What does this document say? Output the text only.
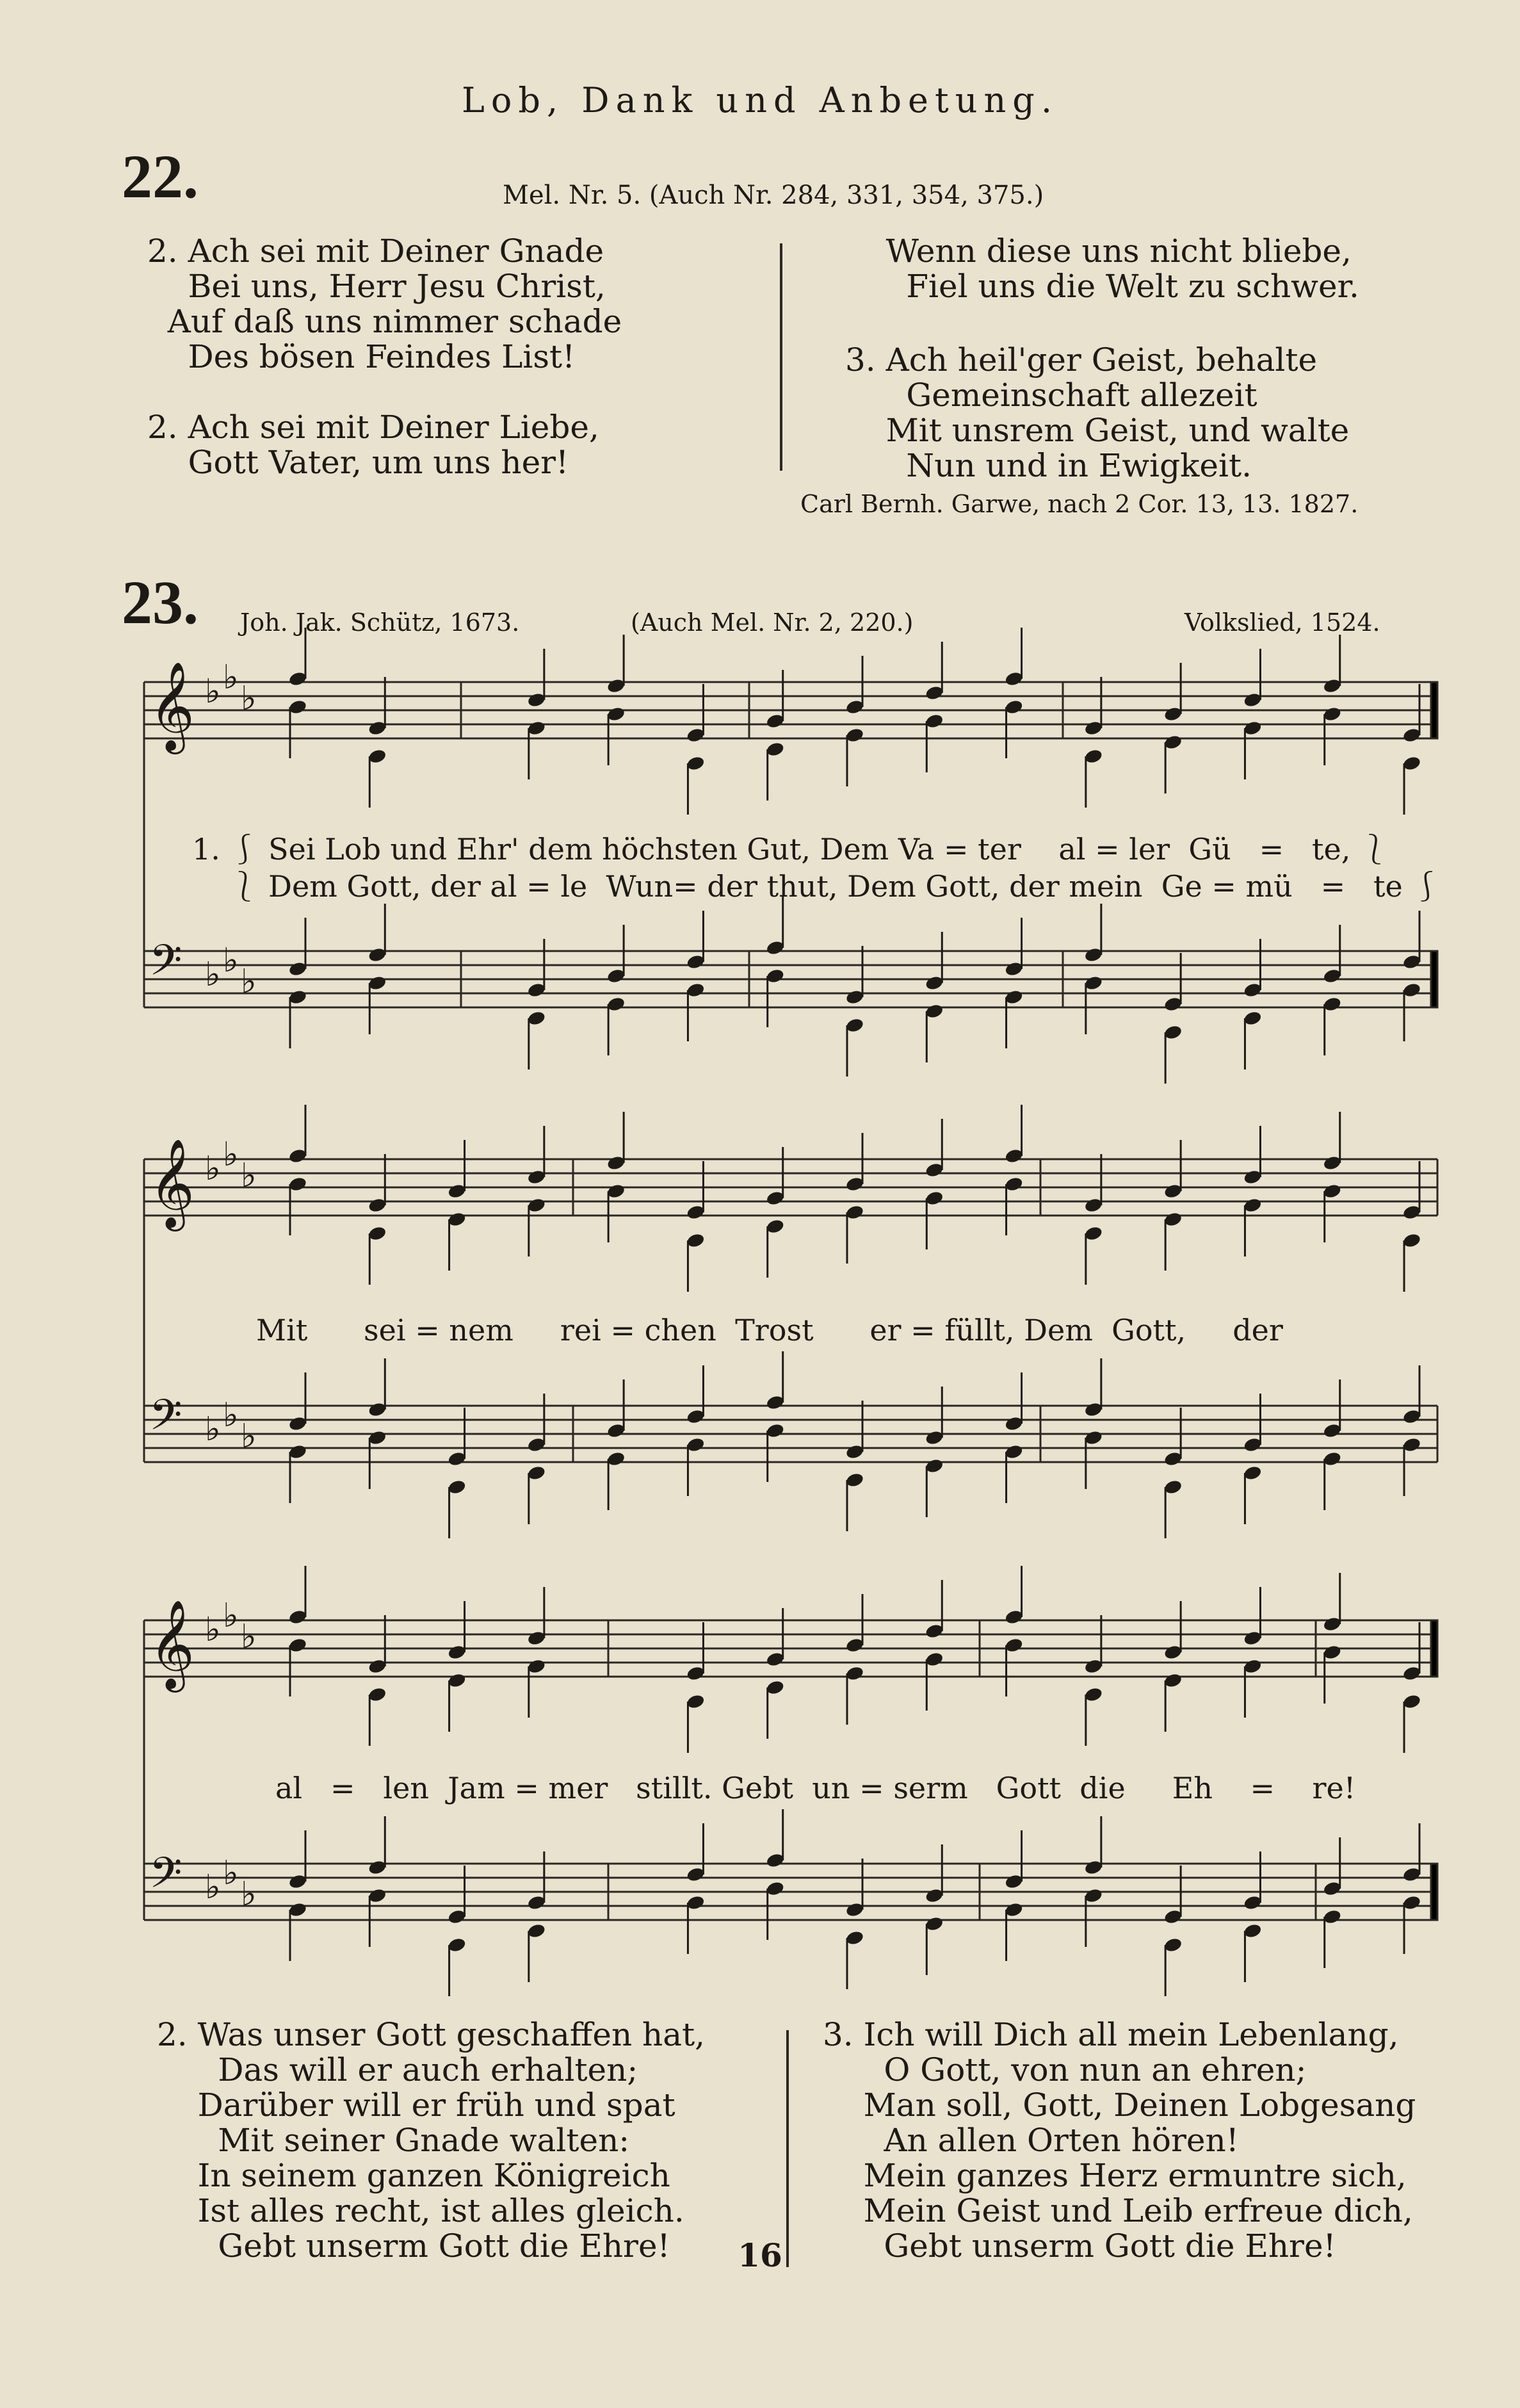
Lob, Dank und Anbetung.
22.	Mel. Nr. 5. (Auch Nr. 284, 331, 354, 375.)
2. Ach sei mit Deiner Gnade
Bei uns, Herr Jesu Christ,
Auf daß uns nimmer schade
Des bösen Feindes List!
2. Ach sei mit Deiner Liebe,
Gott Vater, um uns her!
Wenn diese uns nicht bliebe,
Fiel uns die Welt zu schwer.
3. Ach heil'ger Geist, behalte
Gemeinschaft allezeit
Mit unsrem Geist, und walte
Nun und in Ewigkeit.
Carl Bernh. Garwe, nach 2 Cor. 13, 13. 1827.
23. Joh. Jak. Schütz, 1673.	(Auch Mel. Nr. 2, 220.)	Volkslied, 1524.
𝄞 ♭ ♭
♭
𝄢 ♭ ♭
♭
𝄞 ♭ ♭
♭
𝄢 ♭ ♭
♭
𝄞 ♭ ♭
♭
𝄢 ♭ ♭
♭
1. ⎰ Sei Lob und Ehr' dem höchsten Gut, Dem Va = ter    al = ler  Gü   =   te, ⎱
⎱ Dem Gott, der al = le  Wun= der thut, Dem Gott, der mein  Ge = mü   =   te ⎰
Mit      sei = nem     rei = chen  Trost      er = füllt, Dem  Gott,     der
al   =   len  Jam = mer   stillt. Gebt  un = serm   Gott  die     Eh    =    re!
2. Was unser Gott geschaffen hat,
Das will er auch erhalten;
Darüber will er früh und spat
Mit seiner Gnade walten:
In seinem ganzen Königreich
Ist alles recht, ist alles gleich.
Gebt unserm Gott die Ehre!
3. Ich will Dich all mein Lebenlang,
O Gott, von nun an ehren;
Man soll, Gott, Deinen Lobgesang
An allen Orten hören!
Mein ganzes Herz ermuntre sich,
Mein Geist und Leib erfreue dich,
Gebt unserm Gott die Ehre!
16
